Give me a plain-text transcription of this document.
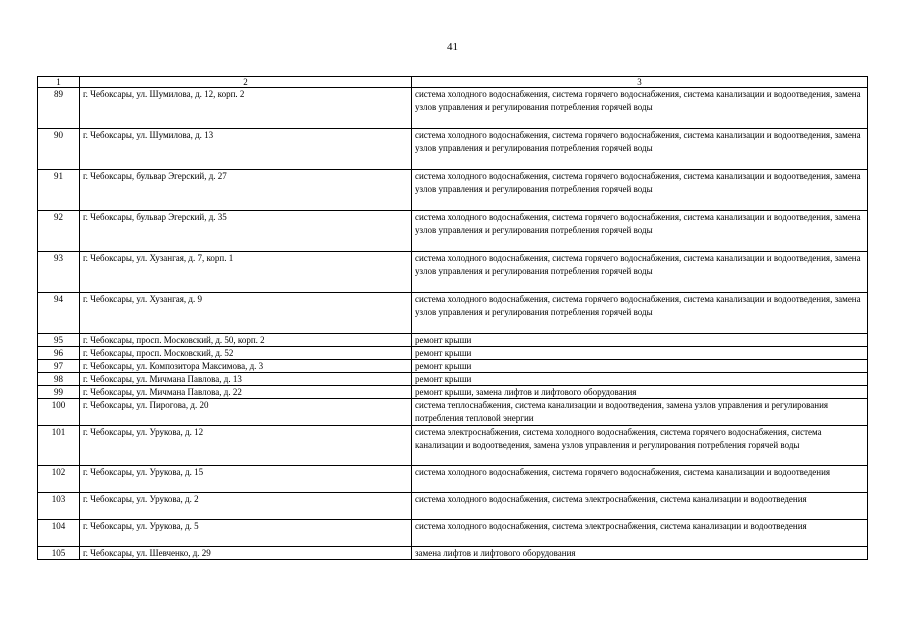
41
1	2	3
89	г. Чебоксары, ул. Шумилова, д. 12, корп. 2	система холодного водоснабжения, система горячего водоснабжения, система канализации и водоотведения, замена узлов управления и регулирования потребления горячей воды
90	г. Чебоксары, ул. Шумилова, д. 13	система холодного водоснабжения, система горячего водоснабжения, система канализации и водоотведения, замена узлов управления и регулирования потребления горячей воды
91	г. Чебоксары, бульвар Эгерский, д. 27	система холодного водоснабжения, система горячего водоснабжения, система канализации и водоотведения, замена узлов управления и регулирования потребления горячей воды
92	г. Чебоксары, бульвар Эгерский, д. 35	система холодного водоснабжения, система горячего водоснабжения, система канализации и водоотведения, замена узлов управления и регулирования потребления горячей воды
93	г. Чебоксары, ул. Хузангая, д. 7, корп. 1	система холодного водоснабжения, система горячего водоснабжения, система канализации и водоотведения, замена узлов управления и регулирования потребления горячей воды
94	г. Чебоксары, ул. Хузангая, д. 9	система холодного водоснабжения, система горячего водоснабжения, система канализации и водоотведения, замена узлов управления и регулирования потребления горячей воды
95	г. Чебоксары, просп. Московский, д. 50, корп. 2	ремонт крыши
96	г. Чебоксары, просп. Московский, д. 52	ремонт крыши
97	г. Чебоксары, ул. Композитора Максимова, д. 3	ремонт крыши
98	г. Чебоксары, ул. Мичмана Павлова, д. 13	ремонт крыши
99	г. Чебоксары, ул. Мичмана Павлова, д. 22	ремонт крыши, замена лифтов и лифтового оборудования
100	г. Чебоксары, ул. Пирогова, д. 20	система теплоснабжения, система канализации и водоотведения, замена узлов управления и регулирования потребления тепловой энергии
101	г. Чебоксары, ул. Урукова, д. 12	система электроснабжения, система холодного водоснабжения, система горячего водоснабжения, система канализации и водоотведения, замена узлов управления и регулирования потребления горячей воды
102	г. Чебоксары, ул. Урукова, д. 15	система холодного водоснабжения, система горячего водоснабжения, система канализации и водоотведения
103	г. Чебоксары, ул. Урукова, д. 2	система холодного водоснабжения, система электроснабжения, система канализации и водоотведения
104	г. Чебоксары, ул. Урукова, д. 5	система холодного водоснабжения, система электроснабжения, система канализации и водоотведения
105	г. Чебоксары, ул. Шевченко, д. 29	замена лифтов и лифтового оборудования
